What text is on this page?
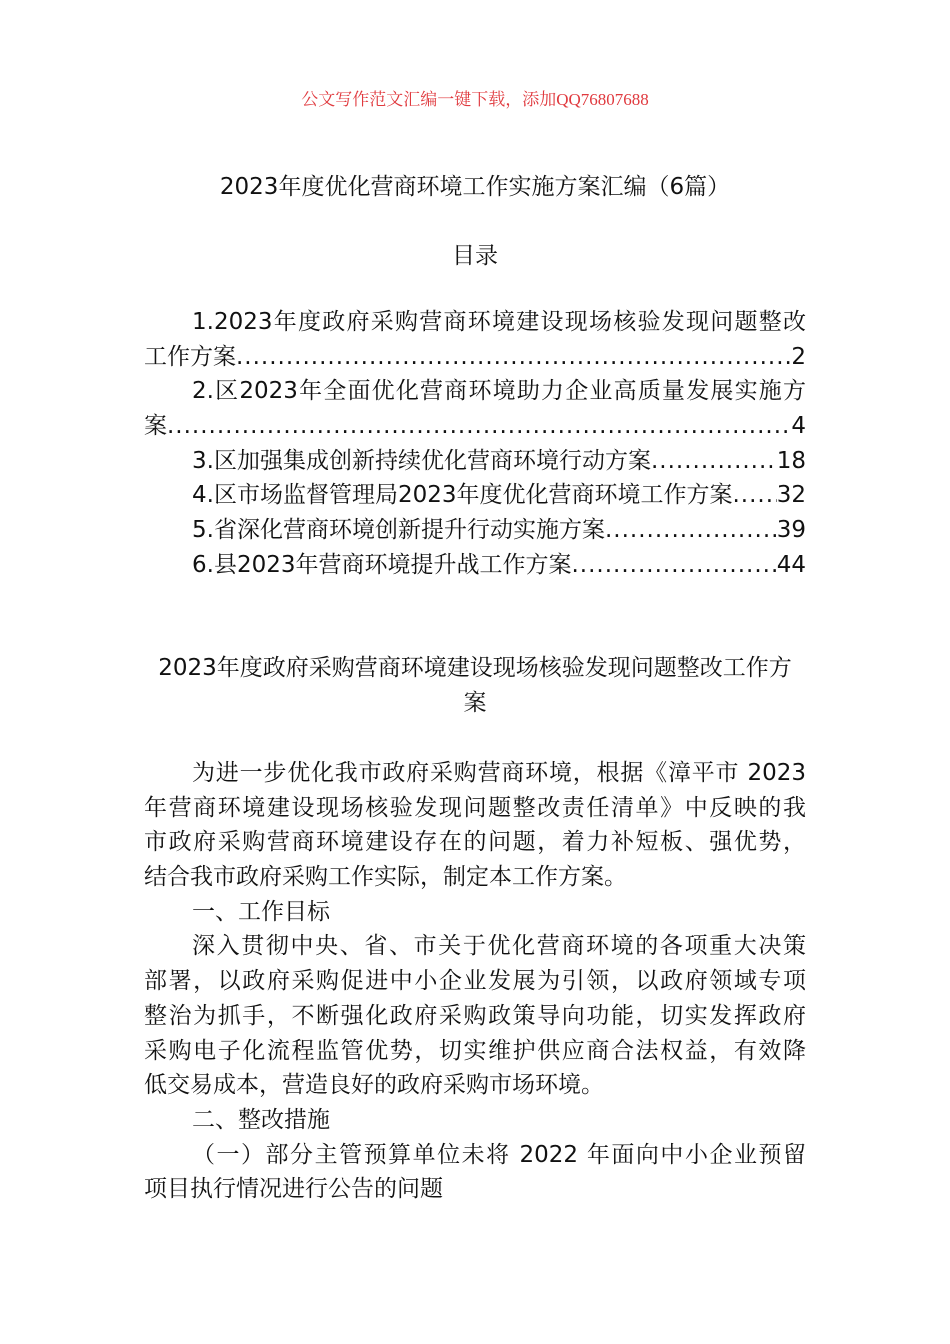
公文写作范文汇编一键下载，添加QQ76807688
2023年度优化营商环境工作实施方案汇编（6篇）
目录
1.2023年度政府采购营商环境建设现场核验发现问题整改
工作方案 .....	2
2.区2023年全面优化营商环境助力企业高质量发展实施方
案 .....	4
3.区加强集成创新持续优化营商环境行动方案 .....	18
4.区市场监督管理局2023年度优化营商环境工作方案 ..... 32
5.省深化营商环境创新提升行动实施方案 .....	39
6.县2023年营商环境提升战工作方案 .....	44
2023年度政府采购营商环境建设现场核验发现问题整改工作方
案
为进一步优化我市政府采购营商环境，根据《漳平市 2023
年营商环境建设现场核验发现问题整改责任清单》中反映的我
市政府采购营商环境建设存在的问题，着力补短板、强优势，
结合我市政府采购工作实际，制定本工作方案。
一、工作目标
深入贯彻中央、省、市关于优化营商环境的各项重大决策
部署，以政府采购促进中小企业发展为引领，以政府领域专项
整治为抓手，不断强化政府采购政策导向功能，切实发挥政府
采购电子化流程监管优势，切实维护供应商合法权益，有效降
低交易成本，营造良好的政府采购市场环境。
二、整改措施
（一）部分主管预算单位未将 2022 年面向中小企业预留
项目执行情况进行公告的问题
